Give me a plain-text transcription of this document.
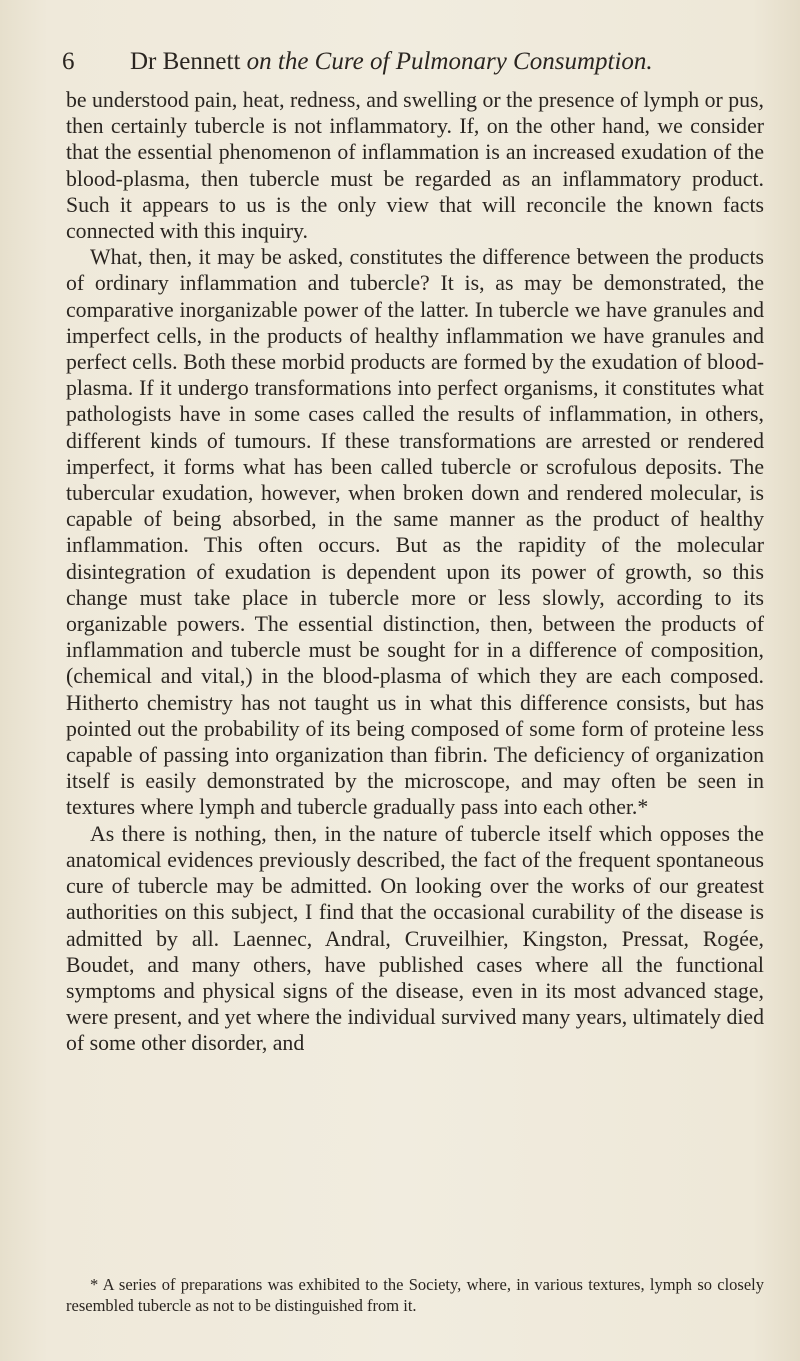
6 Dr Bennett on the Cure of Pulmonary Consumption.

be understood pain, heat, redness, and swelling or the presence of lymph or pus, then certainly tubercle is not inflammatory. If, on the other hand, we consider that the essential phenomenon of inflammation is an increased exudation of the blood-plasma, then tubercle must be regarded as an inflammatory product. Such it appears to us is the only view that will reconcile the known facts connected with this inquiry.

What, then, it may be asked, constitutes the difference between the products of ordinary inflammation and tubercle? It is, as may be demonstrated, the comparative inorganizable power of the latter. In tubercle we have granules and imperfect cells, in the products of healthy inflammation we have granules and perfect cells. Both these morbid products are formed by the exudation of blood-plasma. If it undergo transformations into perfect organisms, it constitutes what pathologists have in some cases called the results of inflammation, in others, different kinds of tumours. If these transformations are arrested or rendered imperfect, it forms what has been called tubercle or scrofulous deposits. The tubercular exudation, however, when broken down and rendered molecular, is capable of being absorbed, in the same manner as the product of healthy inflammation. This often occurs. But as the rapidity of the molecular disintegration of exudation is dependent upon its power of growth, so this change must take place in tubercle more or less slowly, according to its organizable powers. The essential distinction, then, between the products of inflammation and tubercle must be sought for in a difference of composition, (chemical and vital,) in the blood-plasma of which they are each composed. Hitherto chemistry has not taught us in what this difference consists, but has pointed out the probability of its being composed of some form of proteine less capable of passing into organization than fibrin. The deficiency of organization itself is easily demonstrated by the microscope, and may often be seen in textures where lymph and tubercle gradually pass into each other.*

As there is nothing, then, in the nature of tubercle itself which opposes the anatomical evidences previously described, the fact of the frequent spontaneous cure of tubercle may be admitted. On looking over the works of our greatest authorities on this subject, I find that the occasional curability of the disease is admitted by all. Laennec, Andral, Cruveilhier, Kingston, Pressat, Rogée, Boudet, and many others, have published cases where all the functional symptoms and physical signs of the disease, even in its most advanced stage, were present, and yet where the individual survived many years, ultimately died of some other disorder, and

* A series of preparations was exhibited to the Society, where, in various textures, lymph so closely resembled tubercle as not to be distinguished from it.
